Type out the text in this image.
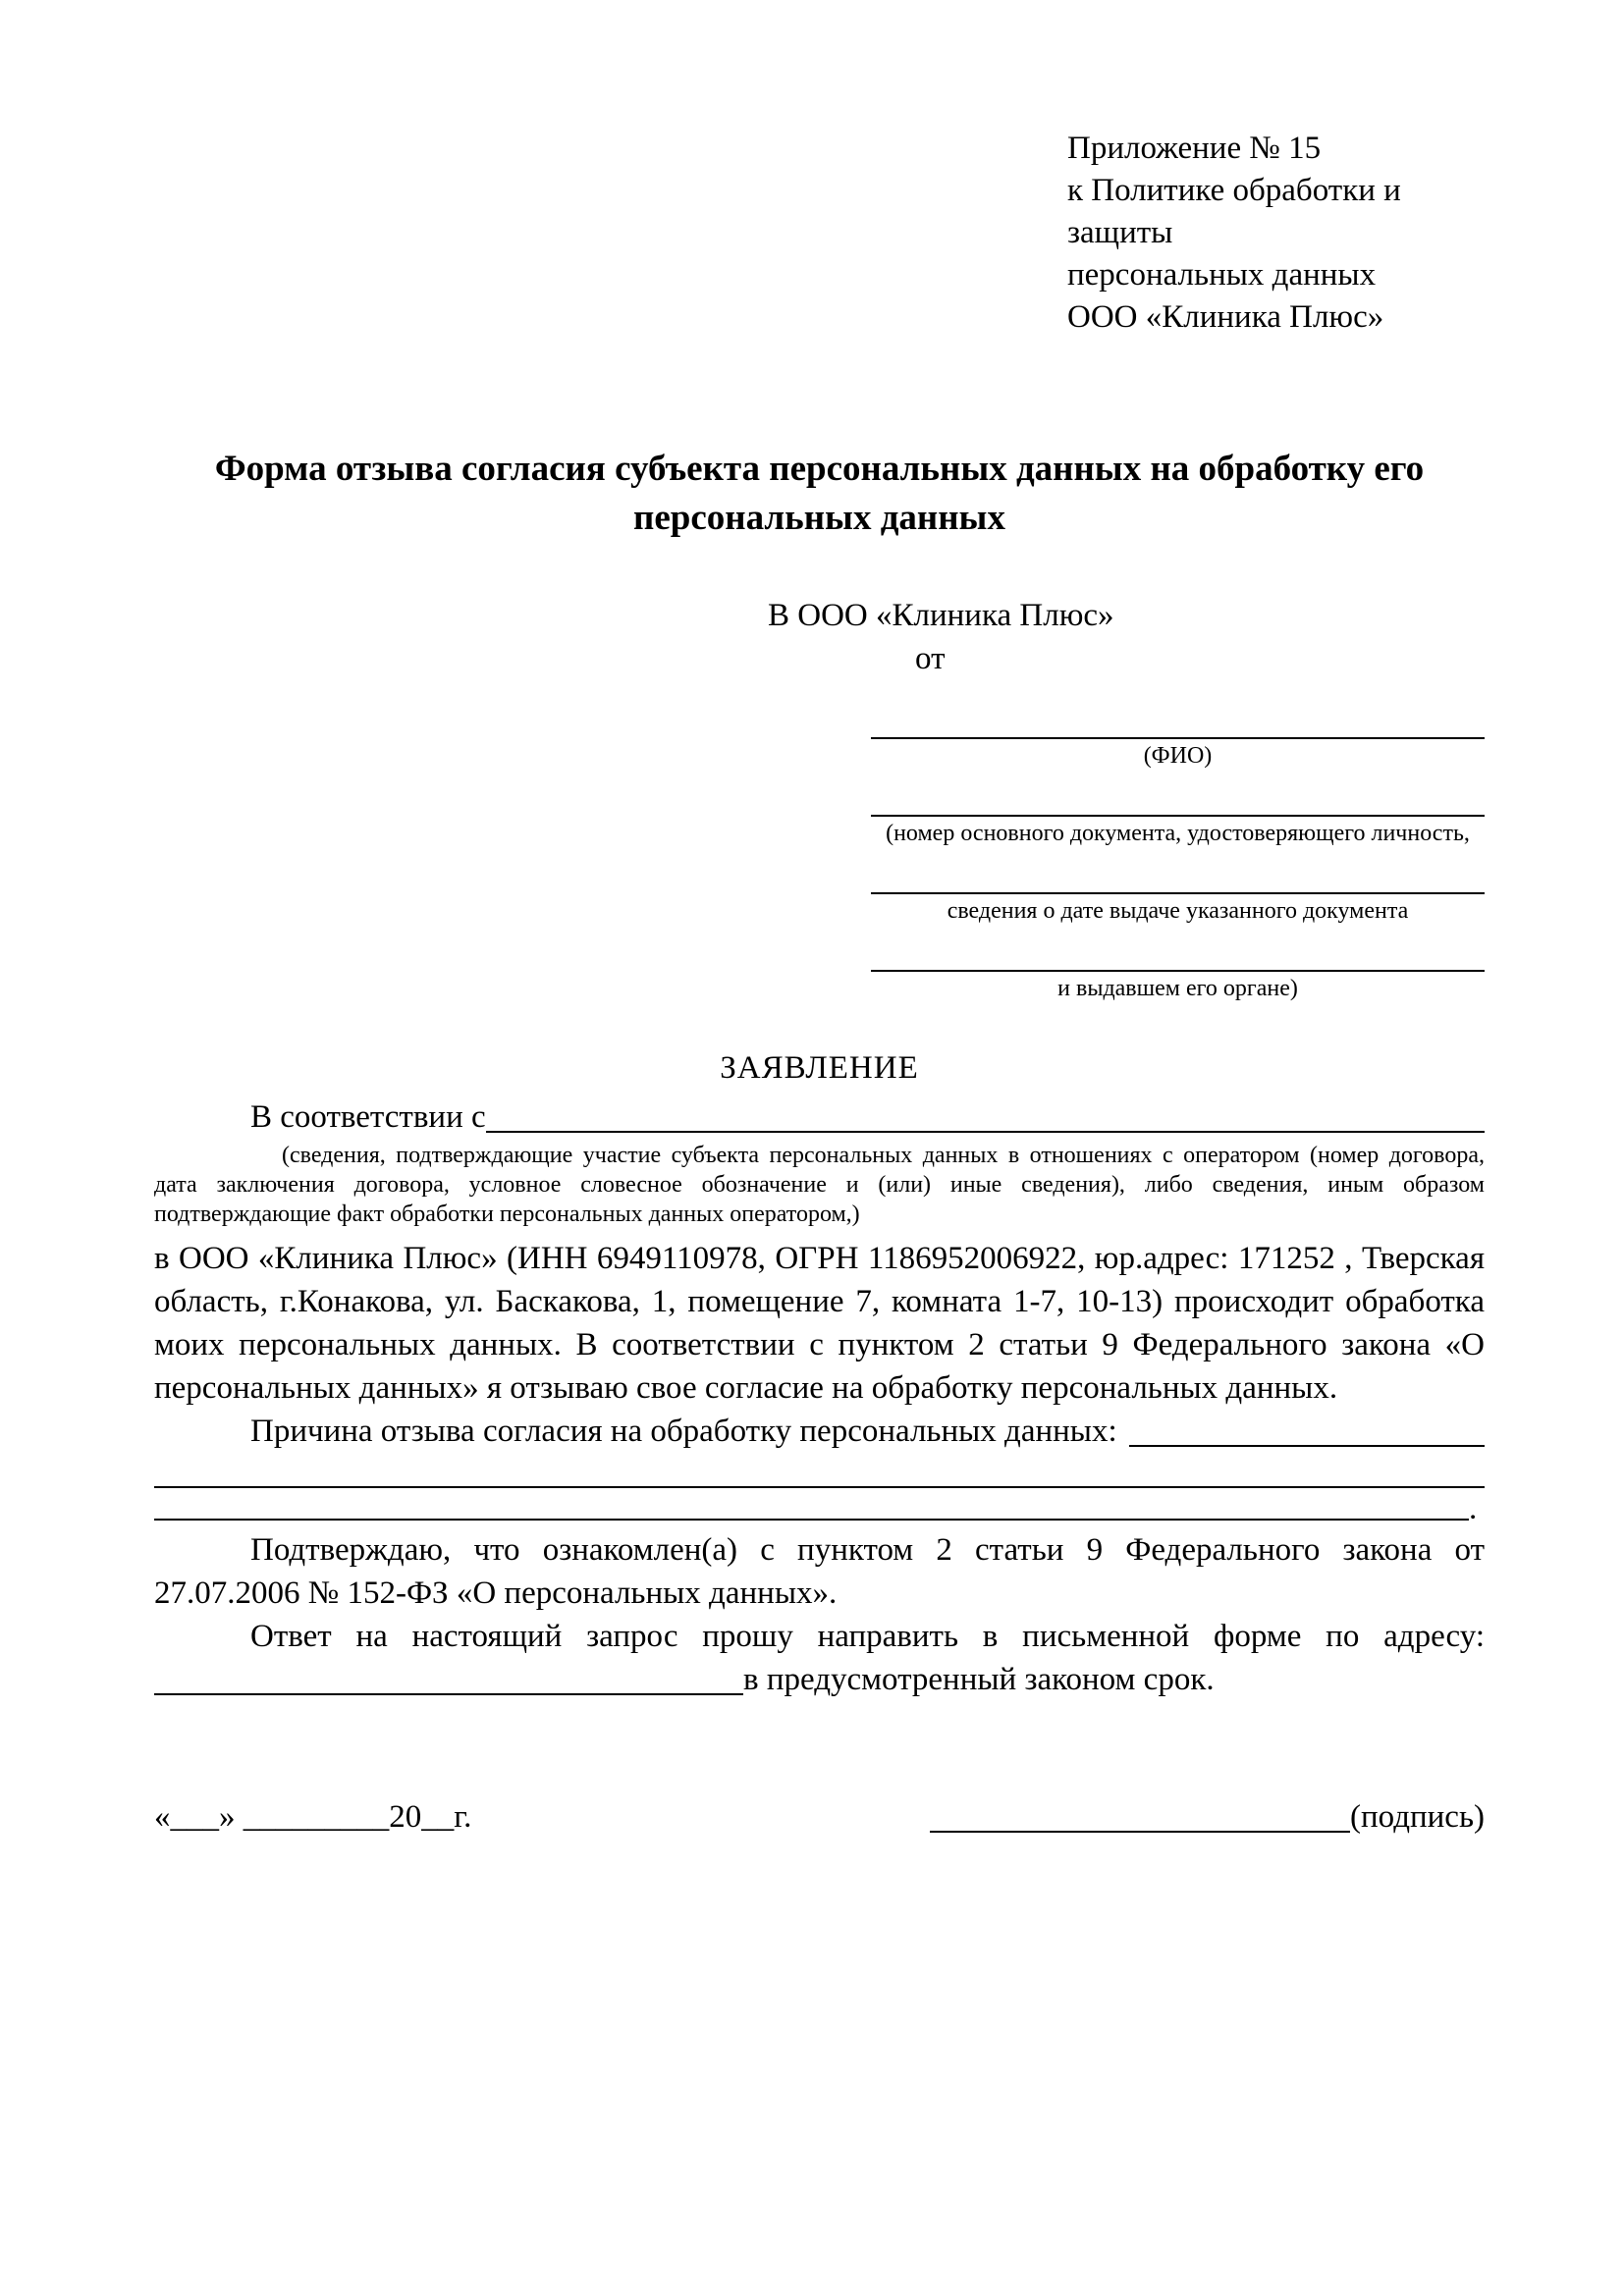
Приложение № 15
к Политике обработки и защиты
персональных данных
ООО «Клиника Плюс»
Форма отзыва согласия субъекта персональных данных на обработку его персональных данных
В ООО «Клиника Плюс»
от
(ФИО)
(номер основного документа, удостоверяющего личность,
сведения о дате выдаче указанного документа
и выдавшем его органе)
ЗАЯВЛЕНИЕ
В соответствии с
(сведения, подтверждающие участие субъекта персональных данных в отношениях с оператором (номер договора, дата заключения договора, условное словесное обозначение и (или) иные сведения), либо сведения, иным образом подтверждающие факт обработки персональных данных оператором,)
в ООО «Клиника Плюс» (ИНН 6949110978, ОГРН 1186952006922, юр.адрес: 171252 , Тверская область, г.Конакова, ул. Баскакова, 1, помещение 7, комната 1-7, 10-13) происходит обработка моих персональных данных. В соответствии с пунктом 2 статьи 9 Федерального закона «О персональных данных» я отзываю свое согласие на обработку персональных данных.
Причина отзыва согласия на обработку персональных данных:
.
Подтверждаю, что ознакомлен(а) с пунктом 2 статьи 9 Федерального закона от 27.07.2006 № 152-ФЗ «О персональных данных».
Ответ на настоящий запрос прошу направить в письменной форме по адресу:
в предусмотренный законом срок.
«___» _________20__г.	(подпись)
